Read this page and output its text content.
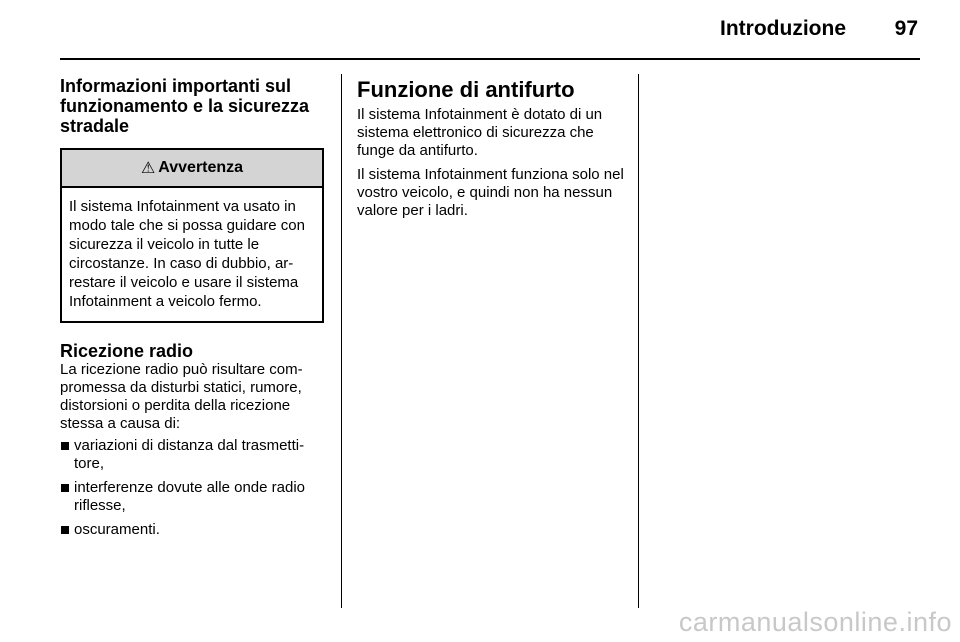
Introduzione	97
Informazioni importanti sul funzionamento e la sicurezza stradale
⚠ Avvertenza
Il sistema Infotainment va usato in modo tale che si possa guidare con sicurezza il veicolo in tutte le circostanze. In caso di dubbio, ar-restare il veicolo e usare il sistema Infotainment a veicolo fermo.
Ricezione radio

La ricezione radio può risultare com-promessa da disturbi statici, rumore, distorsioni o perdita della ricezione stessa a causa di:

variazioni di distanza dal trasmetti-tore,
interferenze dovute alle onde radio riflesse,
oscuramenti.
Funzione di antifurto

Il sistema Infotainment è dotato di un sistema elettronico di sicurezza che funge da antifurto.

Il sistema Infotainment funziona solo nel vostro veicolo, e quindi non ha nessun valore per i ladri.

carmanualsonline.info
